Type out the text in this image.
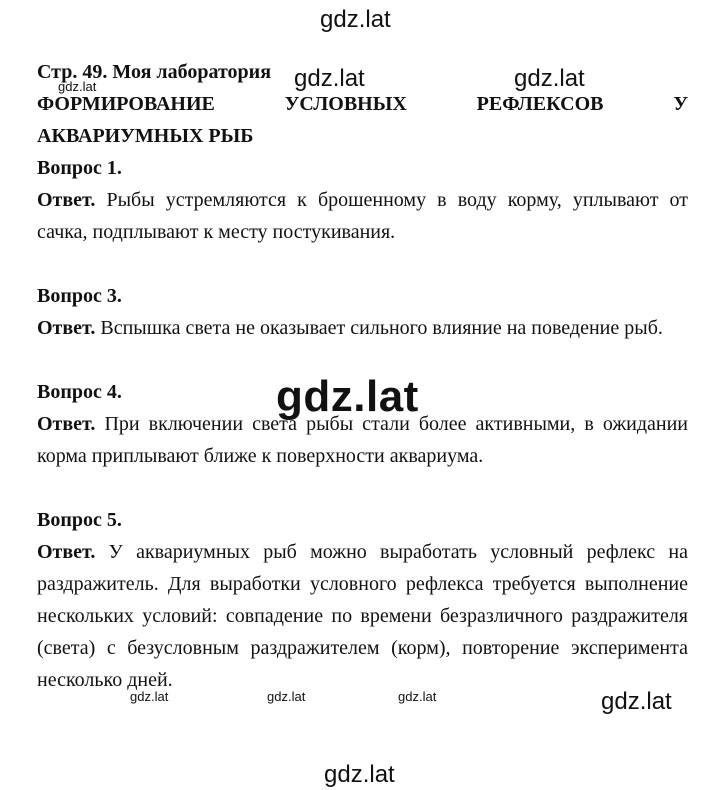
Стр. 49. Моя лаборатория
ФОРМИРОВАНИЕ УСЛОВНЫХ РЕФЛЕКСОВ У
АКВАРИУМНЫХ РЫБ
Вопрос 1.

Ответ. Рыбы устремляются к брошенному в воду корму, уплывают от сачка, подплывают к месту постукивания.

Вопрос 3.

Ответ. Вспышка света не оказывает сильного влияние на поведение рыб.

Вопрос 4.

Ответ. При включении света рыбы стали более активными, в ожидании корма приплывают ближе к поверхности аквариума.

Вопрос 5.

Ответ. У аквариумных рыб можно выработать условный рефлекс на раздражитель. Для выработки условного рефлекса требуется выполнение нескольких условий: совпадение по времени безразличного раздражителя (света) с безусловным раздражителем (корм), повторение эксперимента несколько дней.

gdz.lat
gdz.lat	gdz.lat	gdz.lat
gdz.lat
gdz.lat	gdz.lat	gdz.lat	gdz.lat
gdz.lat
